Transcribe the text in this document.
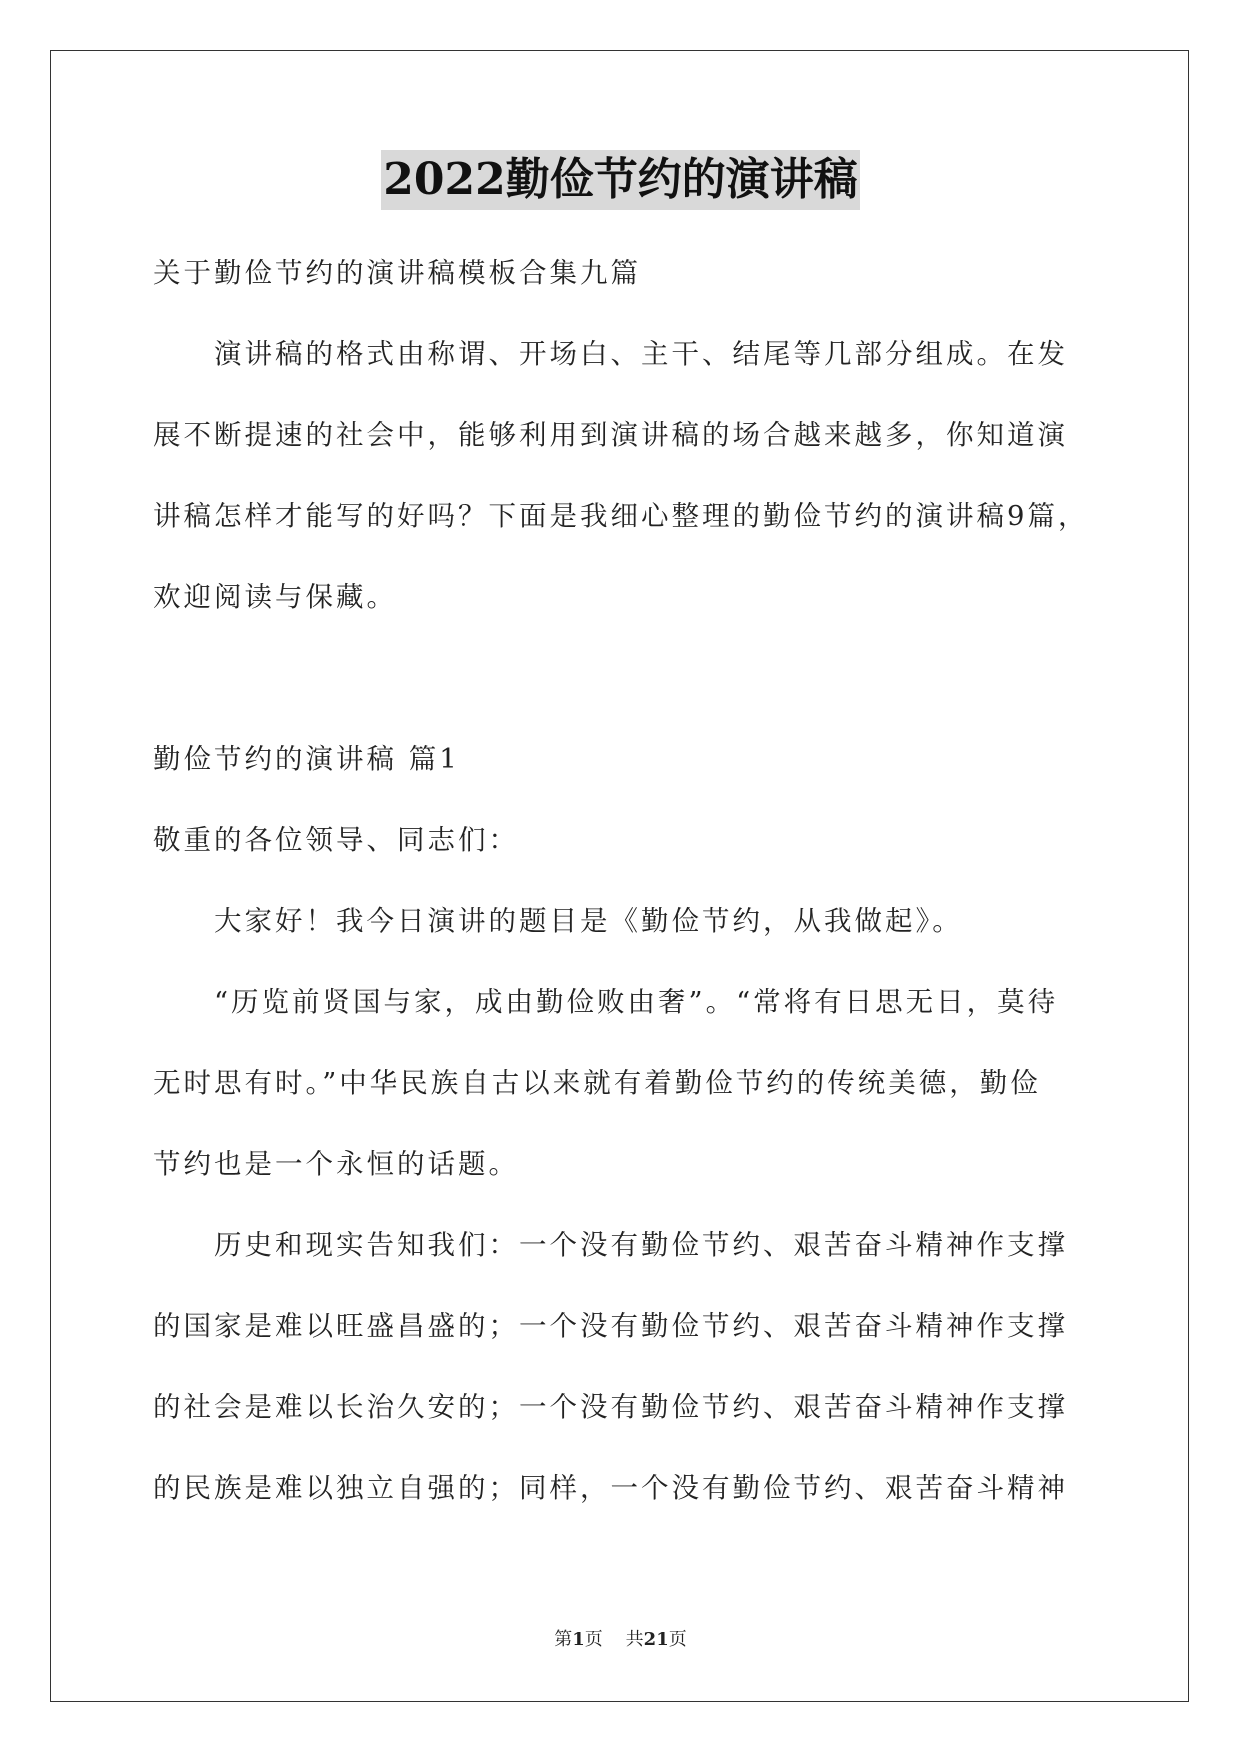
2022勤俭节约的演讲稿

关于勤俭节约的演讲稿模板合集九篇

演讲稿的格式由称谓、开场白、主干、结尾等几部分组成。在发

展不断提速的社会中，能够利用到演讲稿的场合越来越多，你知道演

讲稿怎样才能写的好吗？下面是我细心整理的勤俭节约的演讲稿9篇，

欢迎阅读与保藏。

勤俭节约的演讲稿 篇1

敬重的各位领导、同志们：

大家好！我今日演讲的题目是《勤俭节约，从我做起》。

“历览前贤国与家，成由勤俭败由奢”。“常将有日思无日，莫待

无时思有时。”中华民族自古以来就有着勤俭节约的传统美德，勤俭

节约也是一个永恒的话题。

历史和现实告知我们：一个没有勤俭节约、艰苦奋斗精神作支撑

的国家是难以旺盛昌盛的；一个没有勤俭节约、艰苦奋斗精神作支撑

的社会是难以长治久安的；一个没有勤俭节约、艰苦奋斗精神作支撑

的民族是难以独立自强的；同样，一个没有勤俭节约、艰苦奋斗精神

第1页 共21页
